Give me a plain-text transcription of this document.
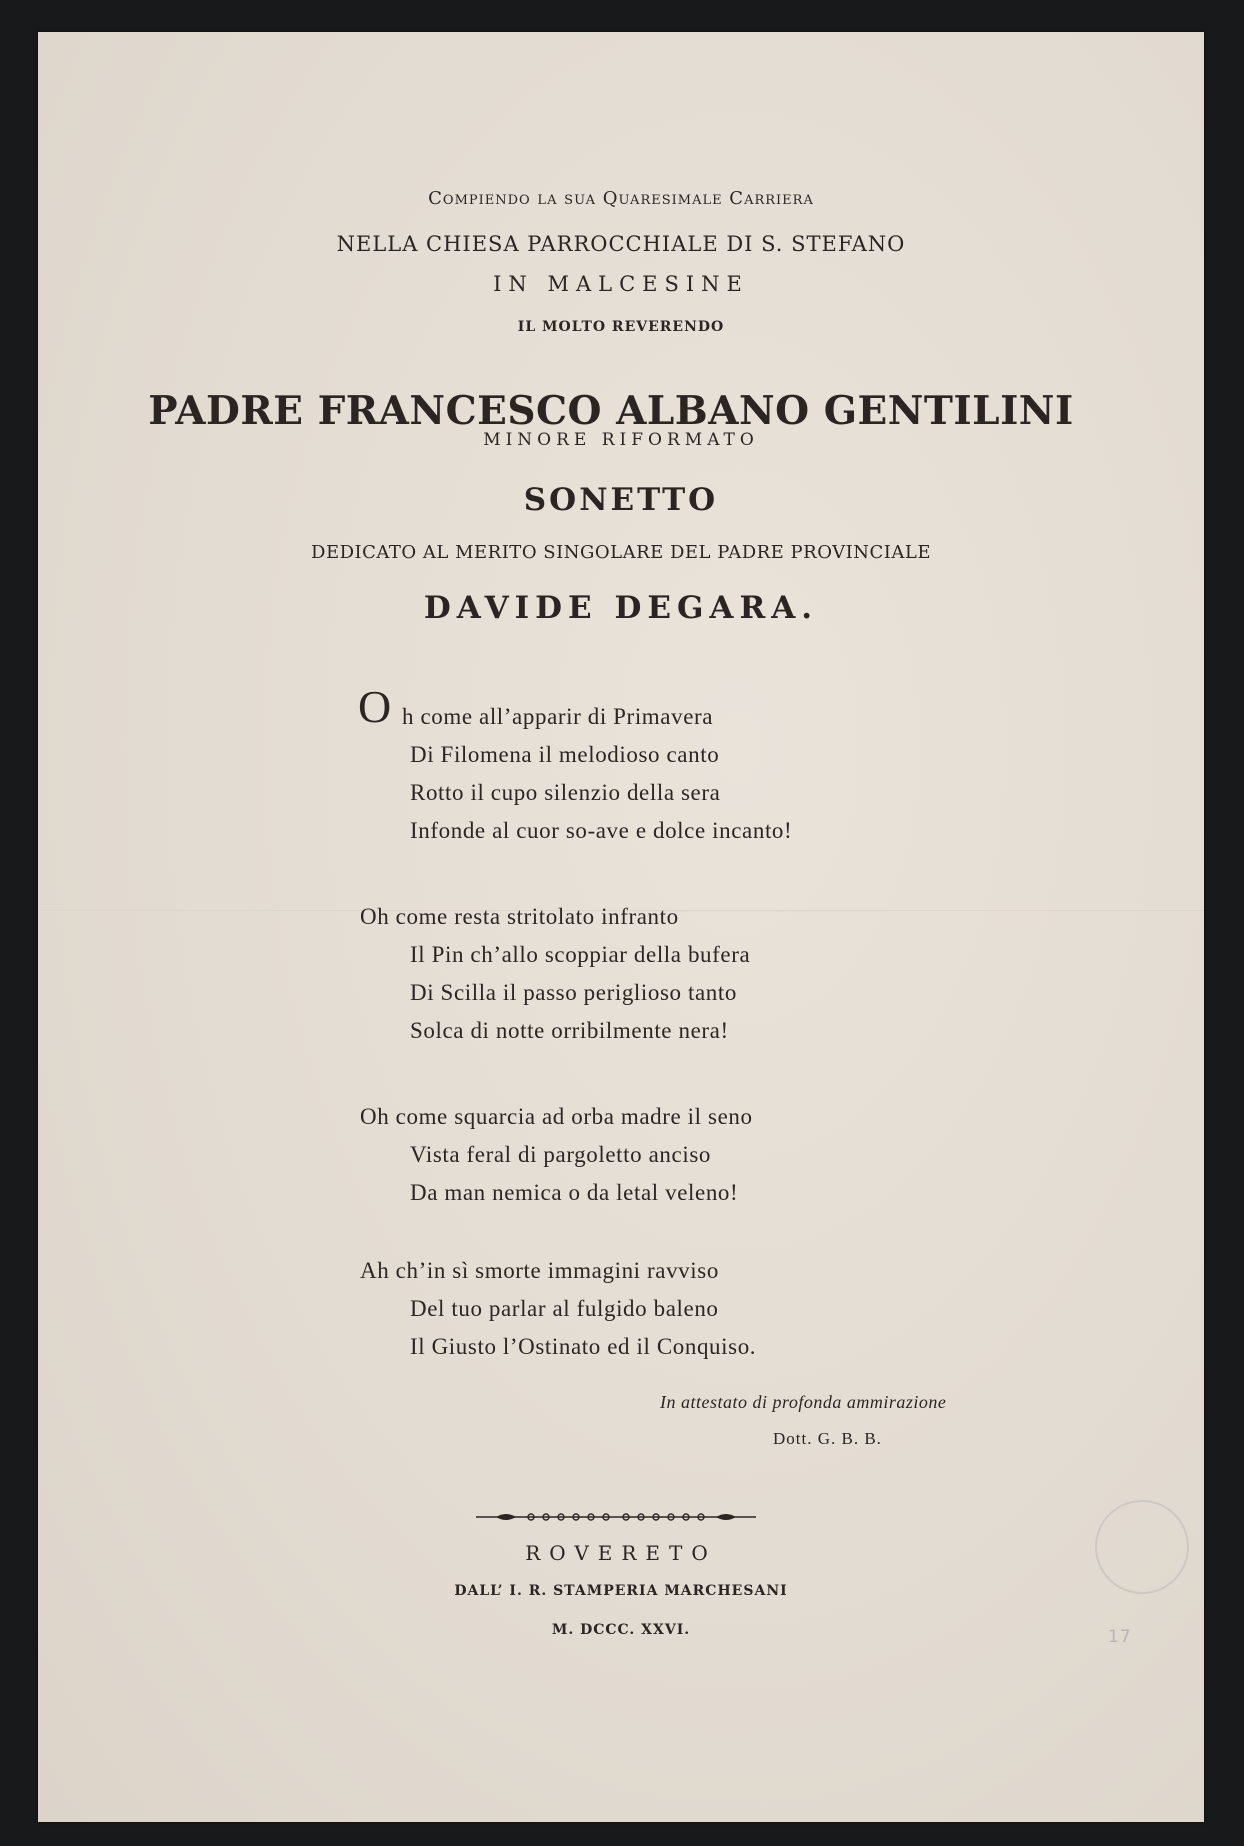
Compiendo la sua Quaresimale Carriera
NELLA CHIESA PARROCCHIALE DI S. STEFANO
IN MALCESINE
IL MOLTO REVERENDO
PADRE FRANCESCO ALBANO GENTILINI
MINORE RIFORMATO
SONETTO
DEDICATO AL MERITO SINGOLARE DEL PADRE PROVINCIALE
DAVIDE DEGARA.
O h come all’apparir di Primavera
Di Filomena il melodioso canto
Rotto il cupo silenzio della sera
Infonde al cuor so-ave e dolce incanto!
Oh come resta stritolato infranto
Il Pin ch’allo scoppiar della bufera
Di Scilla il passo periglioso tanto
Solca di notte orribilmente nera!
Oh come squarcia ad orba madre il seno
Vista feral di pargoletto anciso
Da man nemica o da letal veleno!
Ah ch’in sì smorte immagini ravviso
Del tuo parlar al fulgido baleno
Il Giusto l’Ostinato ed il Conquiso.
In attestato di profonda ammirazione
Dott. G. B. B.
ROVERETO
DALL’ I. R. STAMPERIA MARCHESANI
M. DCCC. XXVI.	17
